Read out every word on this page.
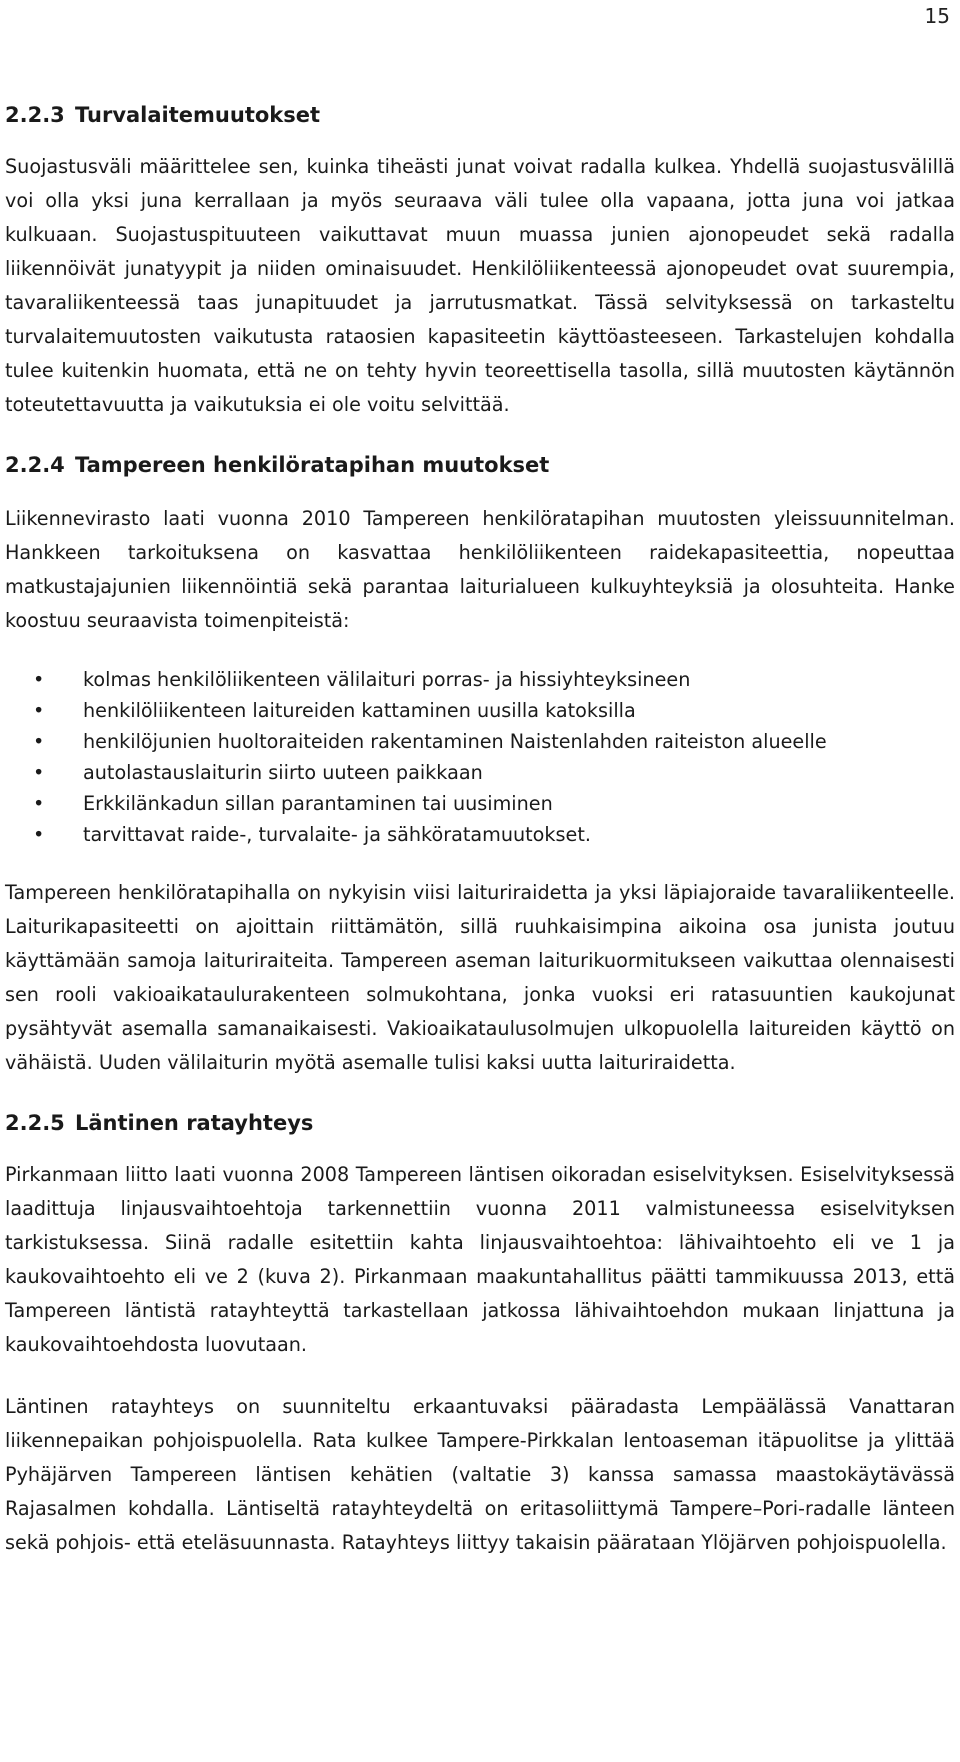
15
2.2.3 Turvalaitemuutokset

Suojastusväli määrittelee sen, kuinka tiheästi junat voivat radalla kulkea. Yhdellä suojastusvälillä voi olla yksi juna kerrallaan ja myös seuraava väli tulee olla vapaana, jotta juna voi jatkaa kulkuaan. Suojastuspituuteen vaikuttavat muun muassa junien ajonopeudet sekä radalla liikennöivät junatyypit ja niiden ominaisuudet. Henkilöliikenteessä ajonopeudet ovat suurempia, tavaraliikenteessä taas junapituudet ja jarrutusmatkat. Tässä selvityksessä on tarkasteltu turvalaitemuutosten vaikutusta rataosien kapasiteetin käyttöasteeseen. Tarkastelujen kohdalla tulee kuitenkin huomata, että ne on tehty hyvin teoreettisella tasolla, sillä muutosten käytännön toteutettavuutta ja vaikutuksia ei ole voitu selvittää.

2.2.4 Tampereen henkilöratapihan muutokset

Liikennevirasto laati vuonna 2010 Tampereen henkilöratapihan muutosten yleissuunnitelman. Hankkeen tarkoituksena on kasvattaa henkilöliikenteen raidekapasiteettia, nopeuttaa matkustajajunien liikennöintiä sekä parantaa laiturialueen kulkuyhteyksiä ja olosuhteita. Hanke koostuu seuraavista toimenpiteistä:

• kolmas henkilöliikenteen välilaituri porras- ja hissiyhteyksineen
• henkilöliikenteen laitureiden kattaminen uusilla katoksilla
• henkilöjunien huoltoraiteiden rakentaminen Naistenlahden raiteiston alueelle
• autolastauslaiturin siirto uuteen paikkaan
• Erkkilänkadun sillan parantaminen tai uusiminen
• tarvittavat raide-, turvalaite- ja sähköratamuutokset.

Tampereen henkilöratapihalla on nykyisin viisi laituriraidetta ja yksi läpiajoraide tavaraliikenteelle. Laiturikapasiteetti on ajoittain riittämätön, sillä ruuhkaisimpina aikoina osa junista joutuu käyttämään samoja laituriraiteita. Tampereen aseman laiturikuormitukseen vaikuttaa olennaisesti sen rooli vakioaikataulurakenteen solmukohtana, jonka vuoksi eri ratasuuntien kaukojunat pysähtyvät asemalla samanaikaisesti. Vakioaikataulusolmujen ulkopuolella laitureiden käyttö on vähäistä. Uuden välilaiturin myötä asemalle tulisi kaksi uutta laituriraidetta.

2.2.5 Läntinen ratayhteys

Pirkanmaan liitto laati vuonna 2008 Tampereen läntisen oikoradan esiselvityksen. Esiselvityksessä laadittuja linjausvaihtoehtoja tarkennettiin vuonna 2011 valmistuneessa esiselvityksen tarkistuksessa. Siinä radalle esitettiin kahta linjausvaihtoehtoa: lähivaihtoehto eli ve 1 ja kaukovaihtoehto eli ve 2 (kuva 2). Pirkanmaan maakuntahallitus päätti tammikuussa 2013, että Tampereen läntistä ratayhteyttä tarkastellaan jatkossa lähivaihtoehdon mukaan linjattuna ja kaukovaihtoehdosta luovutaan.

Läntinen ratayhteys on suunniteltu erkaantuvaksi pääradasta Lempäälässä Vanattaran liikennepaikan pohjoispuolella. Rata kulkee Tampere-Pirkkalan lentoaseman itäpuolitse ja ylittää Pyhäjärven Tampereen läntisen kehätien (valtatie 3) kanssa samassa maastokäytävässä Rajasalmen kohdalla. Läntiseltä ratayhteydeltä on eritasoliittymä Tampere–Pori-radalle länteen sekä pohjois- että eteläsuunnasta. Ratayhteys liittyy takaisin päärataan Ylöjärven pohjoispuolella.
